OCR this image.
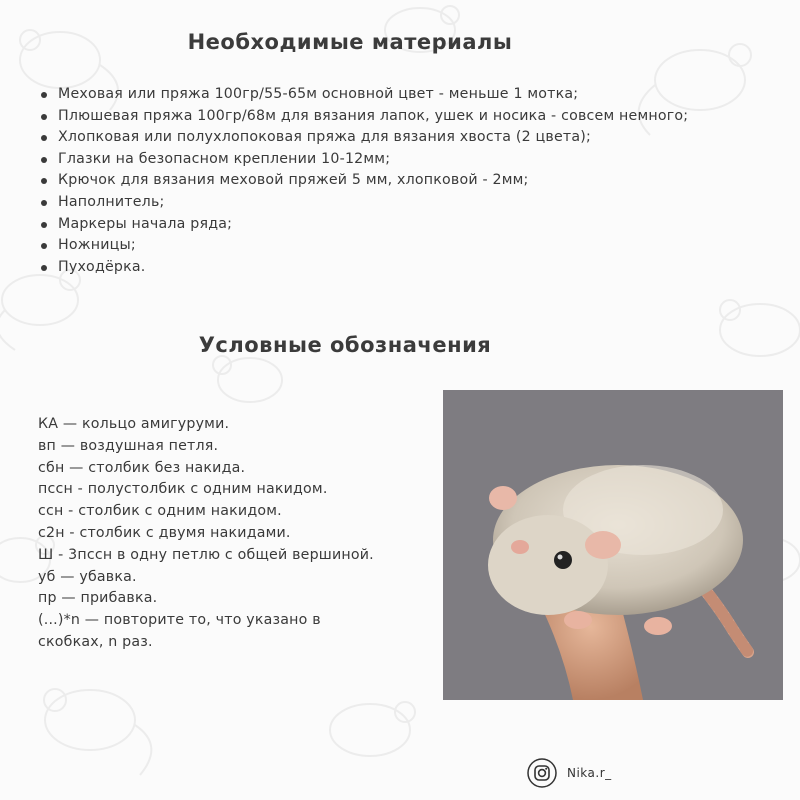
Необходимые материалы
Меховая или пряжа 100гр/55-65м основной цвет - меньше 1 мотка;
Плюшевая пряжа 100гр/68м для вязания лапок, ушек и носика - совсем немного;
Хлопковая или полухлопоковая пряжа для вязания хвоста (2 цвета);
Глазки на безопасном креплении 10-12мм;
Крючок для вязания меховой пряжей 5 мм, хлопковой - 2мм;
Наполнитель;
Маркеры начала ряда;
Ножницы;
Пуходёрка.
Условные обозначения
КА — кольцо амигуруми.
вп — воздушная петля.
сбн — столбик без накида.
пссн - полустолбик с одним накидом.
ссн - столбик с одним накидом.
с2н - столбик с двумя накидами.
Ш - 3пссн в одну петлю с общей вершиной.
уб — убавка.
пр — прибавка.
(...)*n — повторите то, что указано в скобках, n раз.
Nika.r_
